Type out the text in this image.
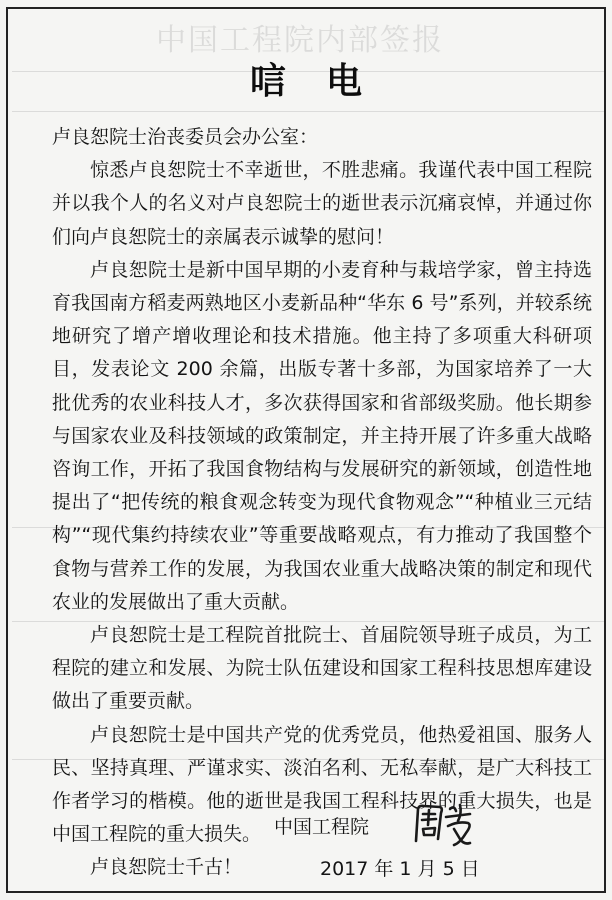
中国工程院内部签报
唁电

卢良恕院士治丧委员会办公室：

惊悉卢良恕院士不幸逝世，不胜悲痛。我谨代表中国工程院并以我个人的名义对卢良恕院士的逝世表示沉痛哀悼，并通过你们向卢良恕院士的亲属表示诚挚的慰问！

卢良恕院士是新中国早期的小麦育种与栽培学家，曾主持选育我国南方稻麦两熟地区小麦新品种“华东 6 号”系列，并较系统地研究了增产增收理论和技术措施。他主持了多项重大科研项目，发表论文 200 余篇，出版专著十多部，为国家培养了一大批优秀的农业科技人才，多次获得国家和省部级奖励。他长期参与国家农业及科技领域的政策制定，并主持开展了许多重大战略咨询工作，开拓了我国食物结构与发展研究的新领域，创造性地提出了“把传统的粮食观念转变为现代食物观念”“种植业三元结构”“现代集约持续农业”等重要战略观点，有力推动了我国整个食物与营养工作的发展，为我国农业重大战略决策的制定和现代农业的发展做出了重大贡献。

卢良恕院士是工程院首批院士、首届院领导班子成员，为工程院的建立和发展、为院士队伍建设和国家工程科技思想库建设做出了重要贡献。

卢良恕院士是中国共产党的优秀党员，他热爱祖国、服务人民、坚持真理、严谨求实、淡泊名利、无私奉献，是广大科技工作者学习的楷模。他的逝世是我国工程科技界的重大损失，也是中国工程院的重大损失。

卢良恕院士千古！

中国工程院
2017 年 1 月 5 日
